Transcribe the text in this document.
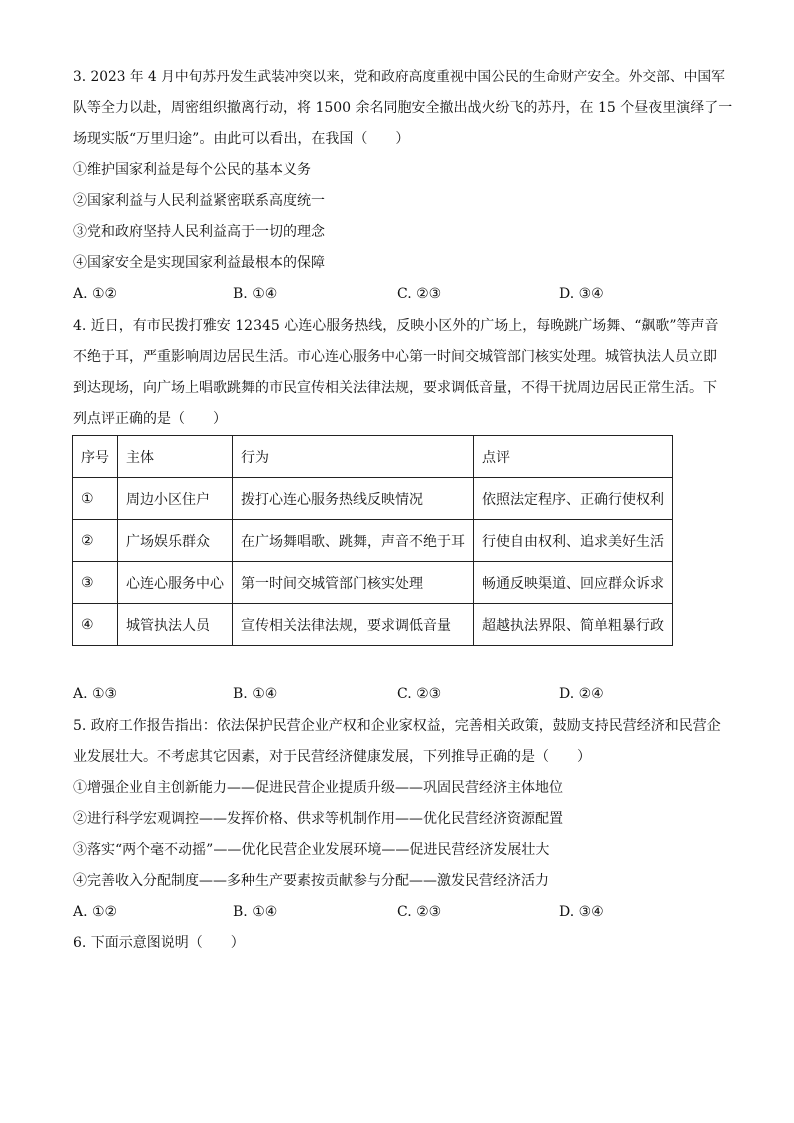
3. 2023 年 4 月中旬苏丹发生武装冲突以来，党和政府高度重视中国公民的生命财产安全。外交部、中国军
队等全力以赴，周密组织撤离行动，将 1500 余名同胞安全撤出战火纷飞的苏丹，在 15 个昼夜里演绎了一
场现实版“万里归途”。由此可以看出，在我国（　　）
①维护国家利益是每个公民的基本义务
②国家利益与人民利益紧密联系高度统一
③党和政府坚持人民利益高于一切的理念
④国家安全是实现国家利益最根本的保障
A. ①②	B. ①④	C. ②③	D. ③④
4. 近日，有市民拨打雅安 12345 心连心服务热线，反映小区外的广场上，每晚跳广场舞、“飙歌”等声音
不绝于耳，严重影响周边居民生活。市心连心服务中心第一时间交城管部门核实处理。城管执法人员立即
到达现场，向广场上唱歌跳舞的市民宣传相关法律法规，要求调低音量，不得干扰周边居民正常生活。下
列点评正确的是（　　）
序号	主体	行为	点评
①	周边小区住户	拨打心连心服务热线反映情况	依照法定程序、正确行使权利
②	广场娱乐群众	在广场舞唱歌、跳舞，声音不绝于耳	行使自由权利、追求美好生活
③	心连心服务中心	第一时间交城管部门核实处理	畅通反映渠道、回应群众诉求
④	城管执法人员	宣传相关法律法规，要求调低音量	超越执法界限、简单粗暴行政
A. ①③	B. ①④	C. ②③	D. ②④
5. 政府工作报告指出：依法保护民营企业产权和企业家权益，完善相关政策，鼓励支持民营经济和民营企
业发展壮大。不考虑其它因素，对于民营经济健康发展，下列推导正确的是（　　）
①增强企业自主创新能力——促进民营企业提质升级——巩固民营经济主体地位
②进行科学宏观调控——发挥价格、供求等机制作用——优化民营经济资源配置
③落实“两个毫不动摇”——优化民营企业发展环境——促进民营经济发展壮大
④完善收入分配制度——多种生产要素按贡献参与分配——激发民营经济活力
A. ①②	B. ①④	C. ②③	D. ③④
6. 下面示意图说明（　　）
